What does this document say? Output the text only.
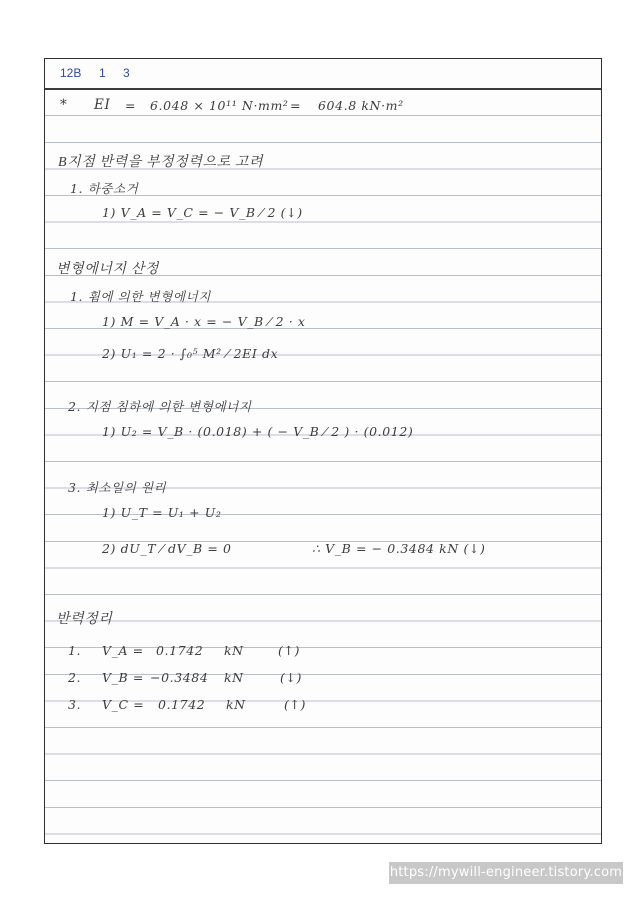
12B 1 3
* EI = 6.048 × 10¹¹ N·mm² = 604.8 kN·m²
B지점 반력을 부정정력으로 고려
1. 하중소거
1) V_A = V_C = − V_B ⁄ 2 (↓)
변형에너지 산정
1. 휨에 의한 변형에너지
1) M = V_A · x = − V_B ⁄ 2 · x
2) U₁ = 2 · ∫₀⁵ M² ⁄ 2EI dx
2. 지점 침하에 의한 변형에너지
1) U₂ = V_B · (0.018) + ( − V_B ⁄ 2 ) · (0.012)
3. 최소일의 원리
1) U_T = U₁ + U₂
2) dU_T ⁄ dV_B = 0	∴ V_B = − 0.3484 kN (↓)
반력정리
1. V_A = 0.1742 kN	(↑)
2. V_B = −0.3484 kN	(↓)
3. V_C = 0.1742 kN	(↑)
https://mywill-engineer.tistory.com
